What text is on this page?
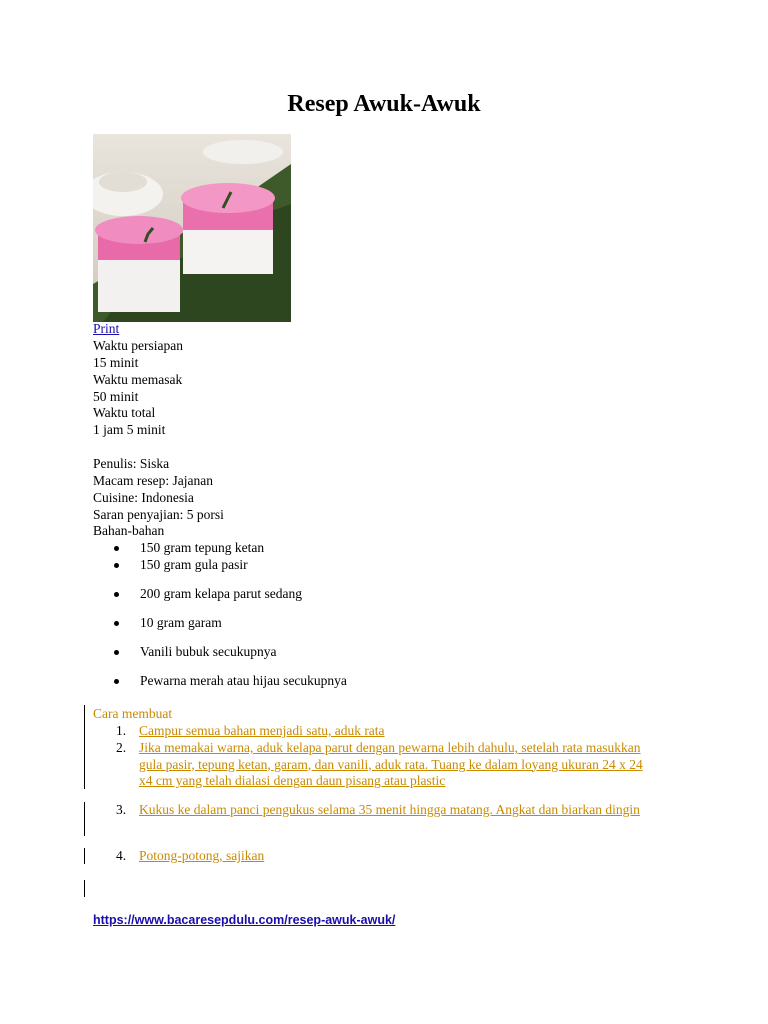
Resep Awuk-Awuk
Print
Waktu persiapan
15 minit
Waktu memasak
50 minit
Waktu total
1 jam 5 minit
Penulis: Siska
Macam resep: Jajanan
Cuisine: Indonesia
Saran penyajian: 5 porsi
Bahan-bahan
150 gram tepung ketan
150 gram gula pasir
200 gram kelapa parut sedang
10 gram garam
Vanili bubuk secukupnya
Pewarna merah atau hijau secukupnya
Cara membuat
1. Campur semua bahan menjadi satu, aduk rata
2. Jika memakai warna, aduk kelapa parut dengan pewarna lebih dahulu, setelah rata masukkan gula pasir, tepung ketan, garam, dan vanili, aduk rata. Tuang ke dalam loyang ukuran 24 x 24 x4 cm yang telah dialasi dengan daun pisang atau plastic
3. Kukus ke dalam panci pengukus selama 35 menit hingga matang. Angkat dan biarkan dingin
4. Potong-potong, sajikan
https://www.bacaresepdulu.com/resep-awuk-awuk/
